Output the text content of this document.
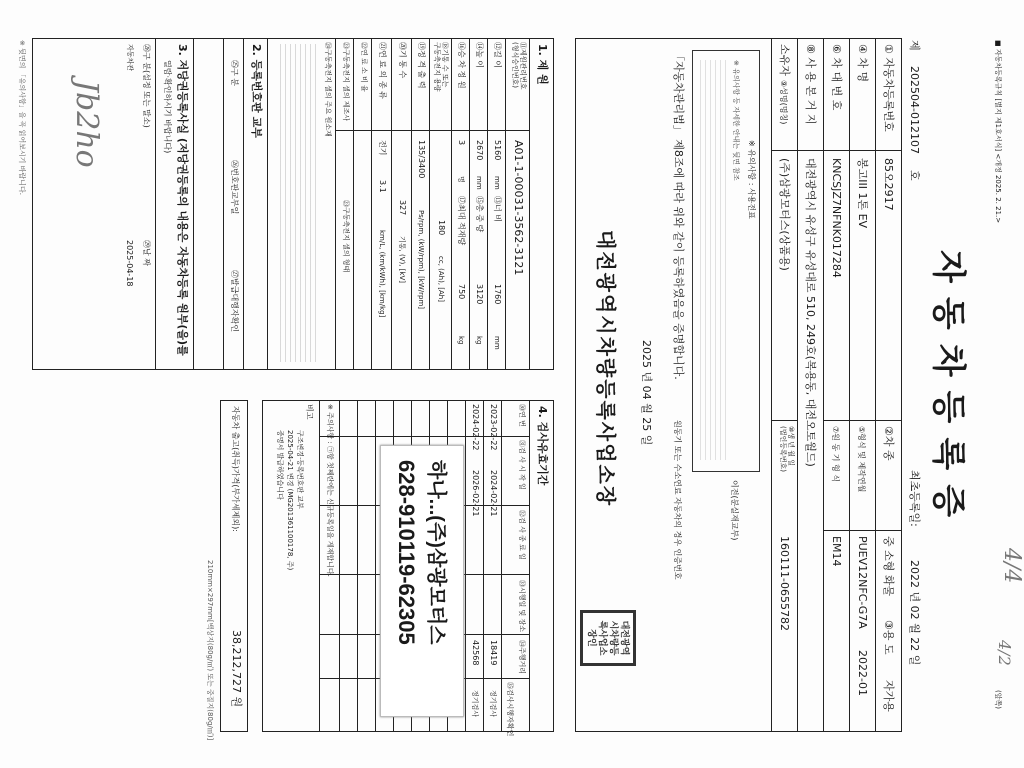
■ 자동차등록규칙 [별지 제1호서식] <개정 2025. 2. 21.>
(앞쪽)
자동차등록증
제
202504-012107
호
최초등록일:
2022 년 02 월 22 일
① 자동차등록번호
85오2917
②차 종
중 소형 화물
③용 도
자가용
④ 차 명
봉고III 1톤 EV
⑤형식 및 제작연월
PUEV12NFC-G7A
2022-01
⑥ 차 대 번 호
KNCSJZ7NFNK017284
⑦원 동 기 형 식
EM14
⑧ 사 용 본 거 지
대전광역시 유성구 유성대로 510, 249호(복용동, 대전오토월드)
소유자
⑨성명(명칭)
(주)삼광모터스(상품용)
⑩생 년 월 일
(법인등록번호)
160111-0655782
※ 유의사항 : 사용전표
※ 유의사항 등 자세한 안내는 뒷면 참조
이전(분실재교부)
「자동차관리법」 제8조에 따라 위와 같이 등록하였음을 증명합니다.
원동기 또는 수소연료 자동차의 경우 인증번호
2025 년 04 월 25 일
대전광역시차량등록사업소장
대전광역시차량등록사업소장인
1. 제 원
⑪제원관리번호
(형식승인번호)
A01-1-00031-3562-3121
⑫길 이
5160
mm
⑬너 비
1760
mm
⑭높 이
2670
mm
⑮총 중 량
3120
kg
⑯승 차 정 원
3
명
⑰최대 적재량
750
kg
⑱기통 수 또는
구동축전지 용량
180
cc, (Ah), [Ah]
⑲정 격 출 력
135/3400
Ps/rpm, (kW/rpm), [kW/rpm]
⑳기 통 수
327
기통, (V), [kV]
㉑연 료 의 종 류
전기
3.1
km/L, (km/kWh), [km/kg]
㉒연 료 소 비 율
㉓구동축전지 셀의 제조사
㉓구동축전지 셀의 형태
㉔구동축전지 셀의 주요 원소재
2. 등록번호판 교부
㉕구 분
㉖번호판교부일
㉗발급대행자확인
3. 저당권등록사실 (저당권등록의 내용은 자동차등록 원부(을)를
열람·확인하시기 바랍니다)
㉘구 분(설정 또는 말소)
㉙날 짜
자동차관
2025-04-18
Jb2ho
※ 뒷면의 「유의사항」을 꼭 읽어보시기 바랍니다.
4. 검사유효기간
㉚연 번
㉛검 사 시 작 일
㉜검 사 종 료 일
㉝시행일 및 장소
㉞주행거리
㉟검사시행자확인
2023-02-22
2024-02-21
18419
정기검사
2024-02-22
2026-02-21
42568
정기검사
※ 주의사항 : ㉠항 첫째란에는 신규등록일을 게재합니다.
비고
구조변경·등록번호판 교부
2025-04-21 변경 (MG201361100178, 주)
증명서 발급하였습니다
자동차 출고(취득)가격(부가세제외):
38,212,727 원
210mm×297mm[백상지(80g/㎡) 또는 중질지(80g/㎡)]
하나...(주)삼광모터스
628-910119-62305	4/4
4/2
